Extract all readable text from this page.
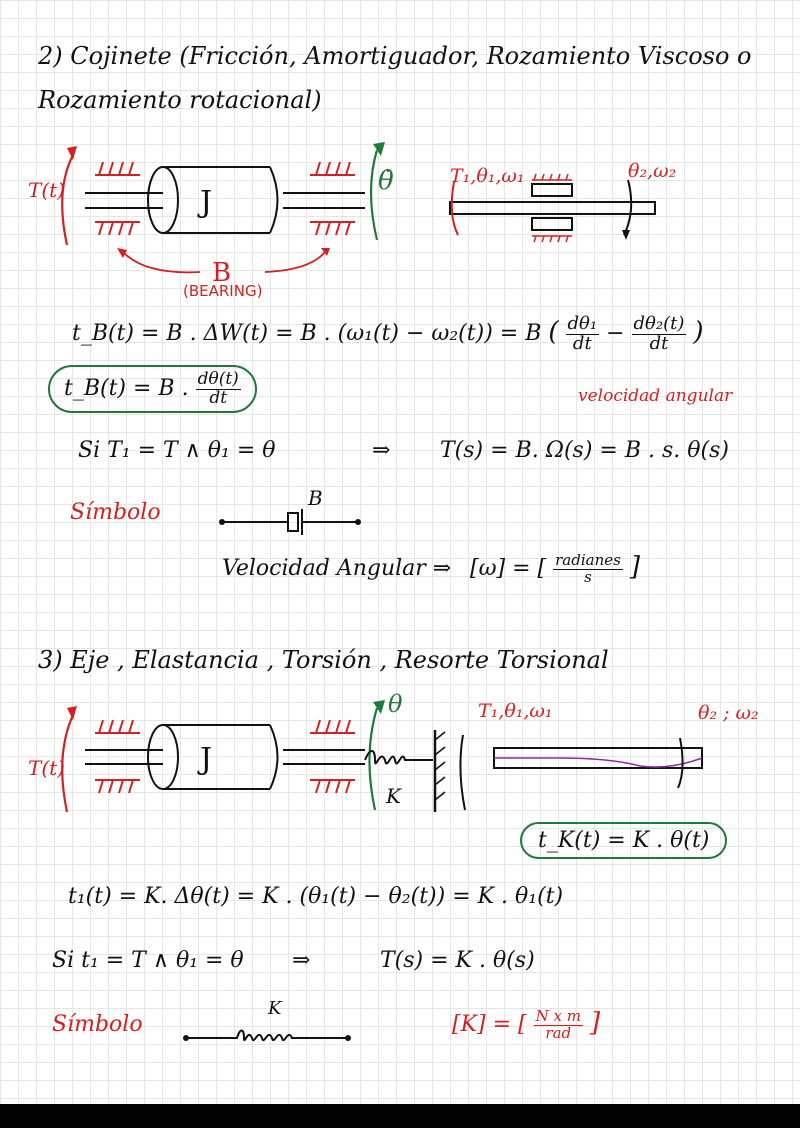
2) Cojinete (Fricción, Amortiguador, Rozamiento Viscoso o
Rozamiento rotacional)
T(t)	J
θ̇
B
(BEARING)
T₁,θ₁,ω₁	θ₂,ω₂
t_B(t) = B . ΔW(t) = B . (ω₁(t) − ω₂(t)) = B ( $\frac{\text{dθ₁}}{dt} - \frac{\text{dθ₂(t)}}{dt}$ )
t_B(t) = B . $\frac{d\theta(t)}{dt}$	velocidad angular
Si T₁ = T ∧ θ₁ = θ	⇒ T(s) = B. Ω(s) = B . s. θ(s)
Símbolo
B
Velocidad Angular ⇒ [ω] = [ $\frac{\text{radianes}}{s}$ ]
3) Eje , Elastancia , Torsión , Resorte Torsional
T(t)	J
θ
K
T₁,θ₁,ω₁	θ₂ ; ω₂
t_K(t) = K . θ(t)
t₁(t) = K. Δθ(t) = K . (θ₁(t) − θ₂(t)) = K . θ₁(t)
Si t₁ = T ∧ θ₁ = θ ⇒	T(s) = K . θ(s)
Símbolo
K
[K] = [ $\frac{\text{N x m}}{\text{rad}}$ ]
